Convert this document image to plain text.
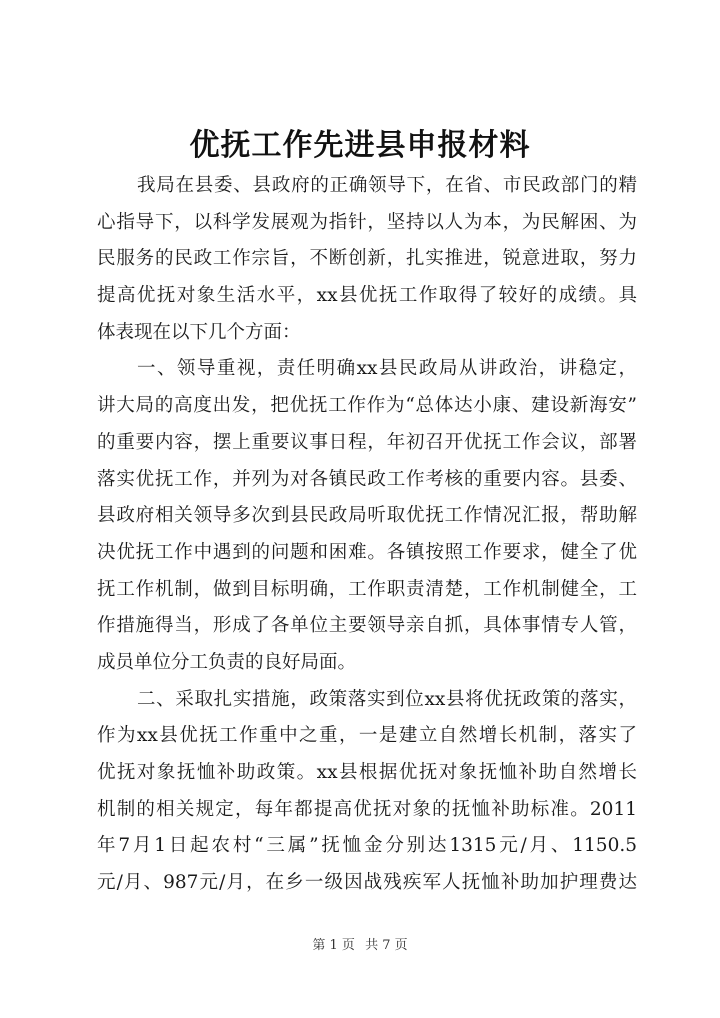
优抚工作先进县申报材料
我局在县委、县政府的正确领导下，在省、市民政部门的精
心指导下，以科学发展观为指针，坚持以人为本，为民解困、为
民服务的民政工作宗旨，不断创新，扎实推进，锐意进取，努力
提高优抚对象生活水平，xx县优抚工作取得了较好的成绩。具
体表现在以下几个方面：
一、领导重视，责任明确xx县民政局从讲政治，讲稳定，
讲大局的高度出发，把优抚工作作为“总体达小康、建设新海安”
的重要内容，摆上重要议事日程，年初召开优抚工作会议，部署
落实优抚工作，并列为对各镇民政工作考核的重要内容。县委、
县政府相关领导多次到县民政局听取优抚工作情况汇报，帮助解
决优抚工作中遇到的问题和困难。各镇按照工作要求，健全了优
抚工作机制，做到目标明确，工作职责清楚，工作机制健全，工
作措施得当，形成了各单位主要领导亲自抓，具体事情专人管，
成员单位分工负责的良好局面。
二、采取扎实措施，政策落实到位xx县将优抚政策的落实，
作为xx县优抚工作重中之重，一是建立自然增长机制，落实了
优抚对象抚恤补助政策。xx县根据优抚对象抚恤补助自然增长
机制的相关规定，每年都提高优抚对象的抚恤补助标准。2011
年7月1日起农村“三属”抚恤金分别达1315元/月、1150.5
元/月、987元/月，在乡一级因战残疾军人抚恤补助加护理费达
第 1 页 共 7 页
